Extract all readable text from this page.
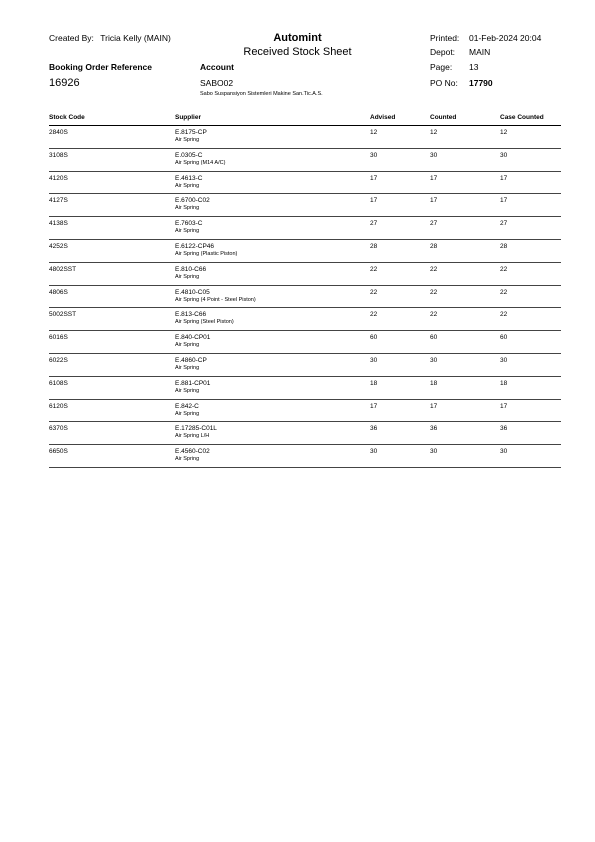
Created By: Tricia Kelly (MAIN)	Automint
Received Stock Sheet
Printed: 01-Feb-2024 20:04
Depot: MAIN
Page: 13
PO No: 17790
Booking Order Reference
16926
Account
SABO02
Sabo Suspansiyon Sistemleri Makine San.Tic.A.S.
Stock Code	Supplier	Advised	Counted	Case Counted
2840S	E.8175-CP
Air Spring
12	12	12
3108S	E.0305-C
Air Spring (M14 A/C)
30	30	30
4120S	E.4613-C
Air Spring
17	17	17
4127S	E.6700-C02
Air Spring
17	17	17
4138S	E.7603-C
Air Spring
27	27	27
4252S	E.6122-CP46
Air Spring (Plastic Piston)
28	28	28
4802SST	E.810-C66
Air Spring
22	22	22
4806S	E.4810-C05
Air Spring (4 Point - Steel Piston)
22	22	22
5002SST	E.813-C66
Air Spring (Steel Piston)
22	22	22
6016S	E.840-CP01
Air Spring
60	60	60
6022S	E.4860-CP
Air Spring
30	30	30
6108S	E.881-CP01
Air Spring
18	18	18
6120S	E.842-C
Air Spring
17	17	17
6370S	E.17285-C01L
Air Spring L/H
36	36	36
6650S	E.4560-C02
Air Spring
30	30	30
